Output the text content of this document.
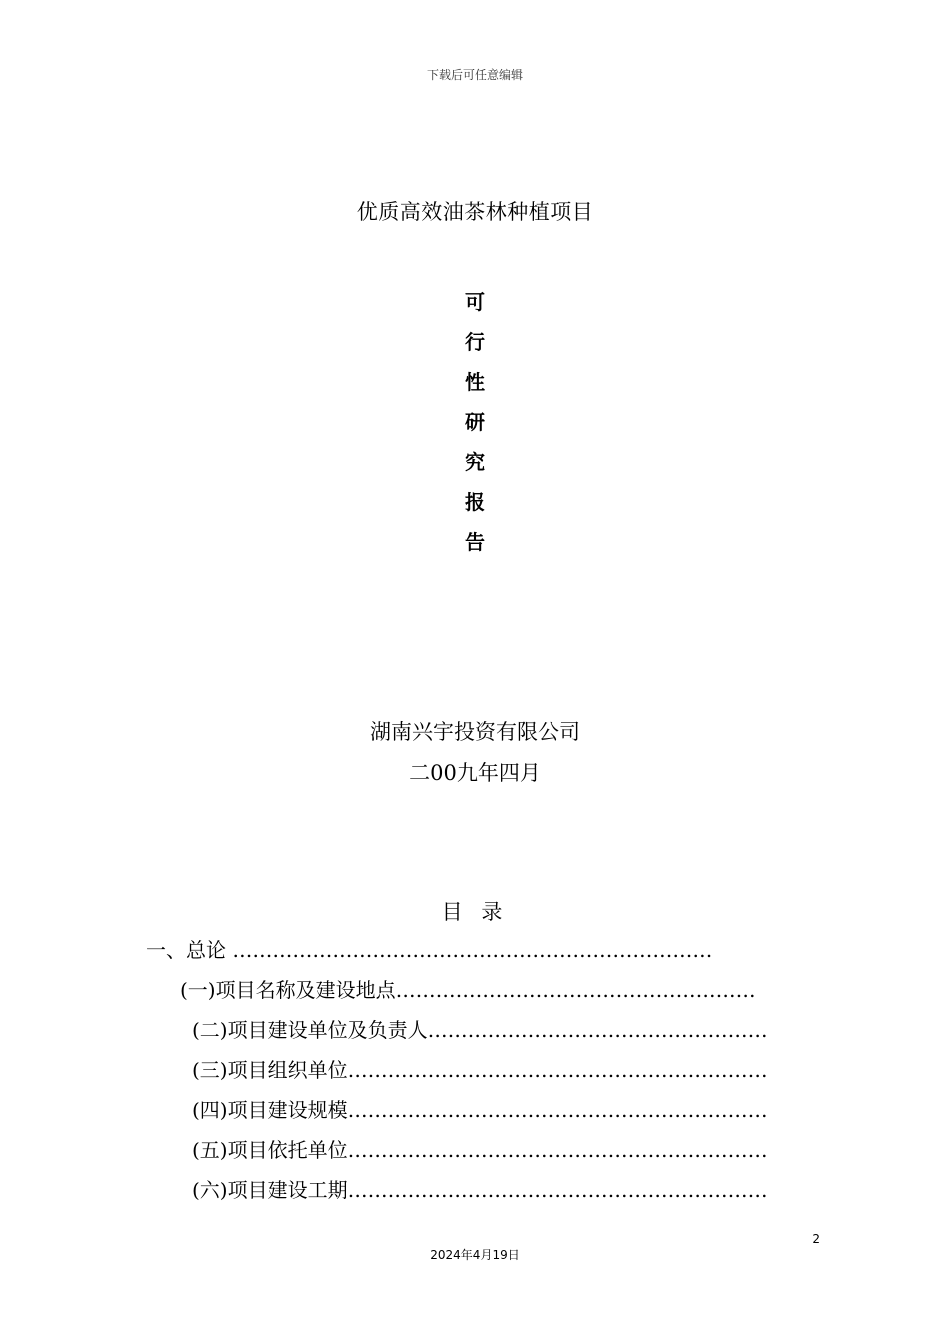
下载后可任意编辑
优质高效油茶林种植项目
可
行
性
研
究
报
告
湖南兴宇投资有限公司
二00九年四月
目 录
一、总论 ………………………………………………………………
(一)项目名称及建设地点………………………………………………
(二)项目建设单位及负责人……………………………………………
(三)项目组织单位………………………………………………………
(四)项目建设规模………………………………………………………
(五)项目依托单位………………………………………………………
(六)项目建设工期………………………………………………………
2
2024年4月19日
